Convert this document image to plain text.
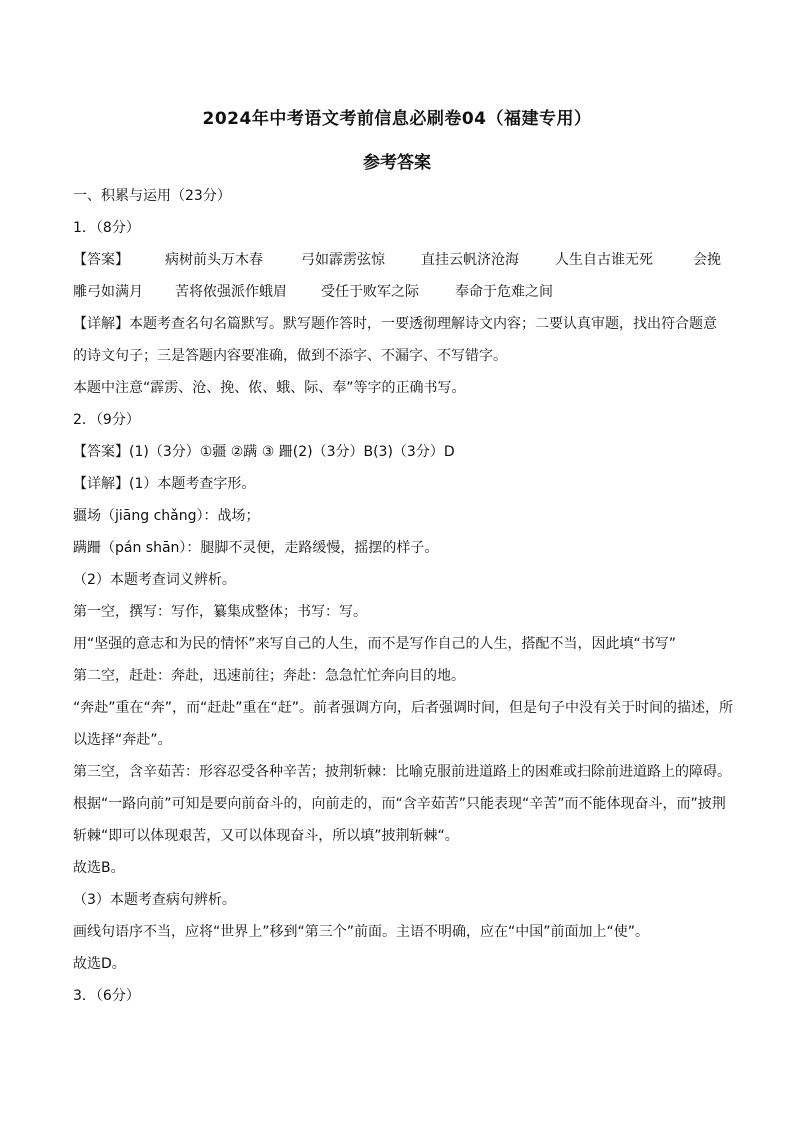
2024年中考语文考前信息必刷卷04（福建专用）
参考答案
一、积累与运用（23分）
1．（8分）
【答案】	病树前头万木春	弓如霹雳弦惊	直挂云帆济沧海	人生自古谁无死	会挽
雕弓如满月 苦将侬强派作蛾眉 受任于败军之际	奉命于危难之间
【详解】本题考查名句名篇默写。默写题作答时，一要透彻理解诗文内容；二要认真审题，找出符合题意
的诗文句子；三是答题内容要准确，做到不添字、不漏字、不写错字。
本题中注意“霹雳、沧、挽、侬、蛾、际、奉”等字的正确书写。
2．（9分）
【答案】(1)（3分）①疆 ②蹒 ③ 跚(2)（3分）B(3)（3分）D
【详解】(1）本题考查字形。
疆场（jiāng chǎng）：战场；
蹒跚（pán shān）：腿脚不灵便，走路缓慢，摇摆的样子。
（2）本题考查词义辨析。
第一空，撰写：写作，纂集成整体；书写：写。
用“坚强的意志和为民的情怀”来写自己的人生，而不是写作自己的人生，搭配不当，因此填“书写”
第二空，赶赴：奔赴，迅速前往；奔赴：急急忙忙奔向目的地。
“奔赴”重在“奔”，而“赶赴”重在“赶”。前者强调方向，后者强调时间，但是句子中没有关于时间的描述，所
以选择“奔赴”。
第三空，含辛茹苦：形容忍受各种辛苦；披荆斩棘：比喻克服前进道路上的困难或扫除前进道路上的障碍。
根据“一路向前”可知是要向前奋斗的，向前走的，而“含辛茹苦”只能表现“辛苦”而不能体现奋斗，而”披荆
斩棘“即可以体现艰苦，又可以体现奋斗，所以填”披荆斩棘“。
故选B。
（3）本题考查病句辨析。
画线句语序不当，应将“世界上”移到“第三个”前面。主语不明确，应在“中国”前面加上“使”。
故选D。
3．（6分）
